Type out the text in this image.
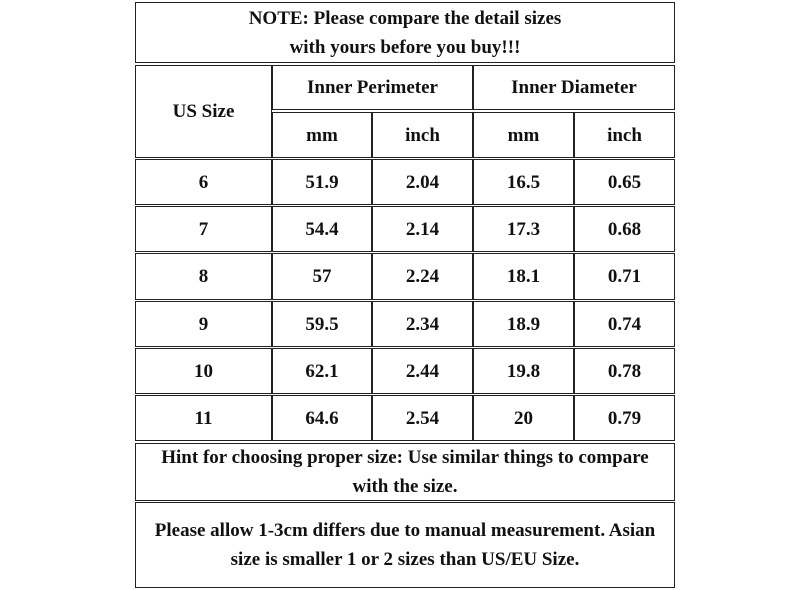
NOTE: Please compare the detail sizes
with yours before you buy!!!
US Size
Inner Perimeter	Inner Diameter
mm	inch	mm	inch
6	51.9	2.04	16.5	0.65
7	54.4	2.14	17.3	0.68
8	57	2.24	18.1	0.71
9	59.5	2.34	18.9	0.74
10	62.1	2.44	19.8	0.78
11	64.6	2.54	20	0.79
Hint for choosing proper size: Use similar things to compare with the size.
Please allow 1-3cm differs due to manual measurement. Asian size is smaller 1 or 2 sizes than US/EU Size.
